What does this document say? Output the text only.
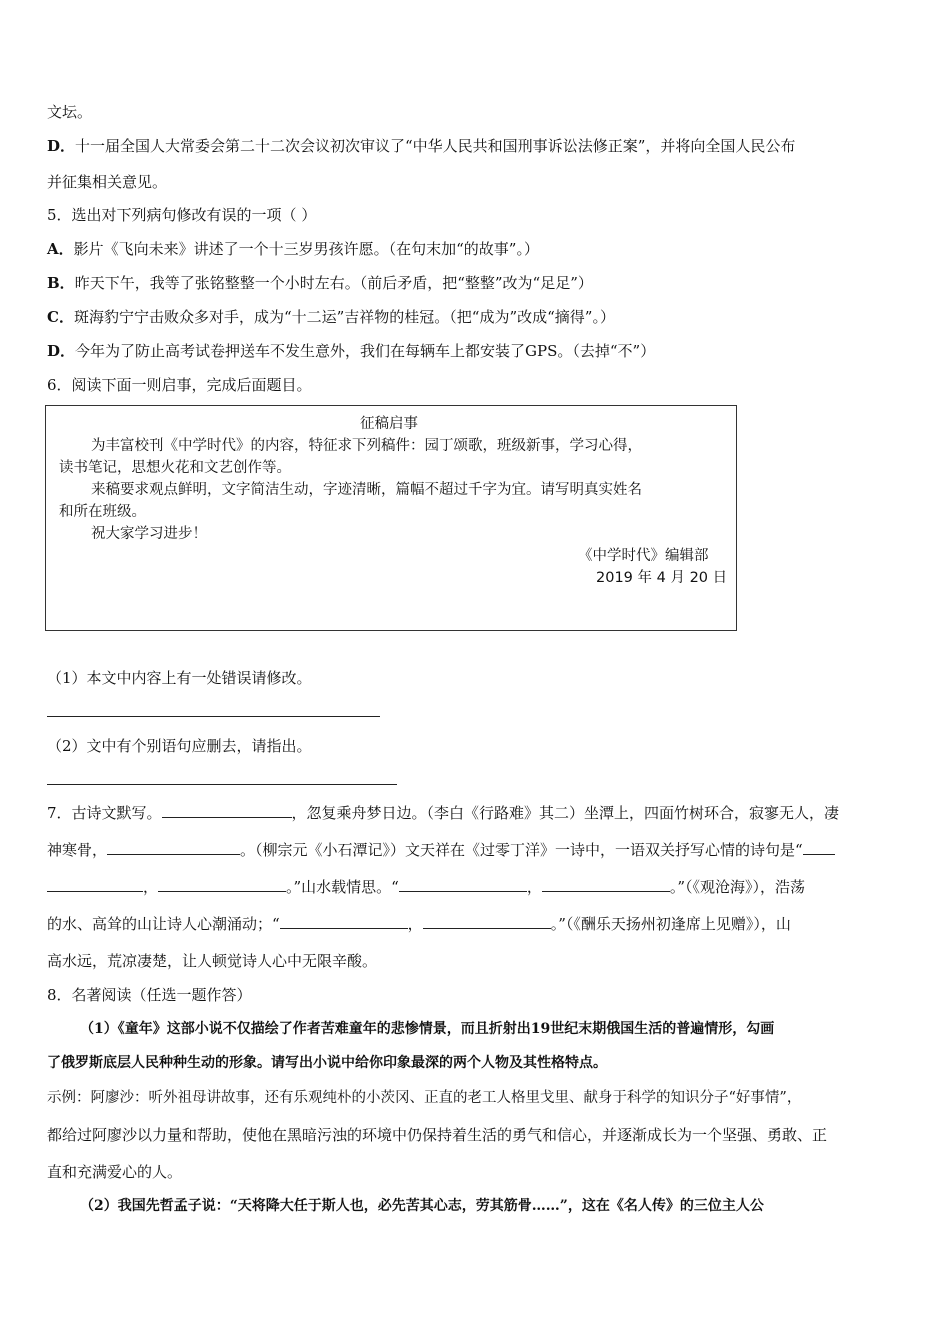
文坛。
D．十一届全国人大常委会第二十二次会议初次审议了“中华人民共和国刑事诉讼法修正案”，并将向全国人民公布
并征集相关意见。
5．选出对下列病句修改有误的一项（ ）
A．影片《飞向未来》讲述了一个十三岁男孩许愿。（在句末加“的故事”。）
B．昨天下午，我等了张铭整整一个小时左右。（前后矛盾，把“整整”改为“足足”）
C．斑海豹宁宁击败众多对手，成为“十二运”吉祥物的桂冠。（把“成为”改成“摘得”。）
D．今年为了防止高考试卷押送车不发生意外，我们在每辆车上都安装了GPS。（去掉“不”）
6．阅读下面一则启事，完成后面题目。
征稿启事
为丰富校刊《中学时代》的内容，特征求下列稿件：园丁颂歌，班级新事，学习心得，
读书笔记，思想火花和文艺创作等。
来稿要求观点鲜明，文字简洁生动，字迹清晰，篇幅不超过千字为宜。请写明真实姓名
和所在班级。
祝大家学习进步！
《中学时代》编辑部
2019 年 4 月 20 日
（1）本文中内容上有一处错误请修改。
（2）文中有个别语句应删去，请指出。
7．古诗文默写。	，忽复乘舟梦日边。（李白《行路难》其二）坐潭上，四面竹树环合，寂寥无人，凄
神寒骨，	。（柳宗元《小石潭记》）文天祥在《过零丁洋》一诗中，一语双关抒写心情的诗句是“
，	。”山水载情思。“	，	。”（《观沧海》），浩荡
的水、高耸的山让诗人心潮涌动；“	，	。”（《酬乐天扬州初逢席上见赠》），山
高水远，荒凉凄楚，让人顿觉诗人心中无限辛酸。
8．名著阅读（任选一题作答）
（1）《童年》这部小说不仅描绘了作者苦难童年的悲惨情景，而且折射出19世纪末期俄国生活的普遍情形，勾画
了俄罗斯底层人民种种生动的形象。请写出小说中给你印象最深的两个人物及其性格特点。
示例：阿廖沙：听外祖母讲故事，还有乐观纯朴的小茨冈、正直的老工人格里戈里、献身于科学的知识分子“好事情”，
都给过阿廖沙以力量和帮助，使他在黑暗污浊的环境中仍保持着生活的勇气和信心，并逐渐成长为一个坚强、勇敢、正
直和充满爱心的人。
（2）我国先哲孟子说：“天将降大任于斯人也，必先苦其心志，劳其筋骨……”，这在《名人传》的三位主人公
